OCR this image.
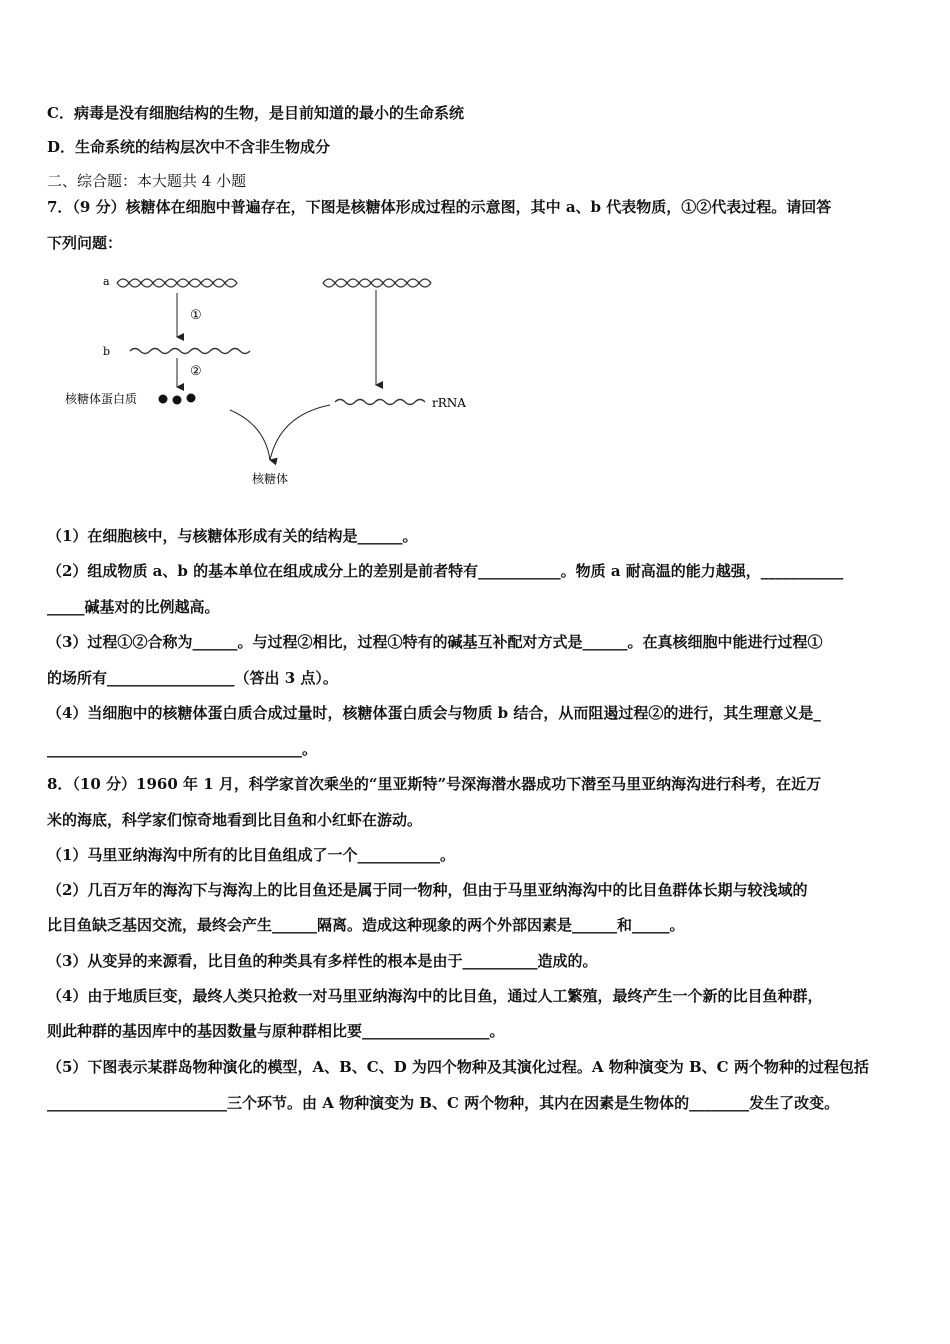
C．病毒是没有细胞结构的生物，是目前知道的最小的生命系统
D．生命系统的结构层次中不含非生物成分
二、综合题：本大题共 4 小题
7．（9 分）核糖体在细胞中普遍存在，下图是核糖体形成过程的示意图，其中 a、b 代表物质，①②代表过程。请回答
下列问题：
a
①
b
②
核糖体蛋白质	rRNA
核糖体
（1）在细胞核中，与核糖体形成有关的结构是______。
（2）组成物质 a、b 的基本单位在组成成分上的差别是前者特有___________。物质 a 耐高温的能力越强，___________
_____碱基对的比例越高。
（3）过程①②合称为______。与过程②相比，过程①特有的碱基互补配对方式是______。在真核细胞中能进行过程①
的场所有_________________（答出 3 点）。
（4）当细胞中的核糖体蛋白质合成过量时，核糖体蛋白质会与物质 b 结合，从而阻遏过程②的进行，其生理意义是_
__________________________________。
8．（10 分）1960 年 1 月，科学家首次乘坐的“里亚斯特”号深海潜水器成功下潜至马里亚纳海沟进行科考，在近万
米的海底，科学家们惊奇地看到比目鱼和小红虾在游动。
（1）马里亚纳海沟中所有的比目鱼组成了一个___________。
（2）几百万年的海沟下与海沟上的比目鱼还是属于同一物种，但由于马里亚纳海沟中的比目鱼群体长期与较浅域的
比目鱼缺乏基因交流，最终会产生______隔离。造成这种现象的两个外部因素是______和_____。
（3）从变异的来源看，比目鱼的种类具有多样性的根本是由于__________造成的。
（4）由于地质巨变，最终人类只抢救一对马里亚纳海沟中的比目鱼，通过人工繁殖，最终产生一个新的比目鱼种群，
则此种群的基因库中的基因数量与原种群相比要_________________。
（5）下图表示某群岛物种演化的模型，A、B、C、D 为四个物种及其演化过程。A 物种演变为 B、C 两个物种的过程包括
________________________三个环节。由 A 物种演变为 B、C 两个物种，其内在因素是生物体的________发生了改变。
